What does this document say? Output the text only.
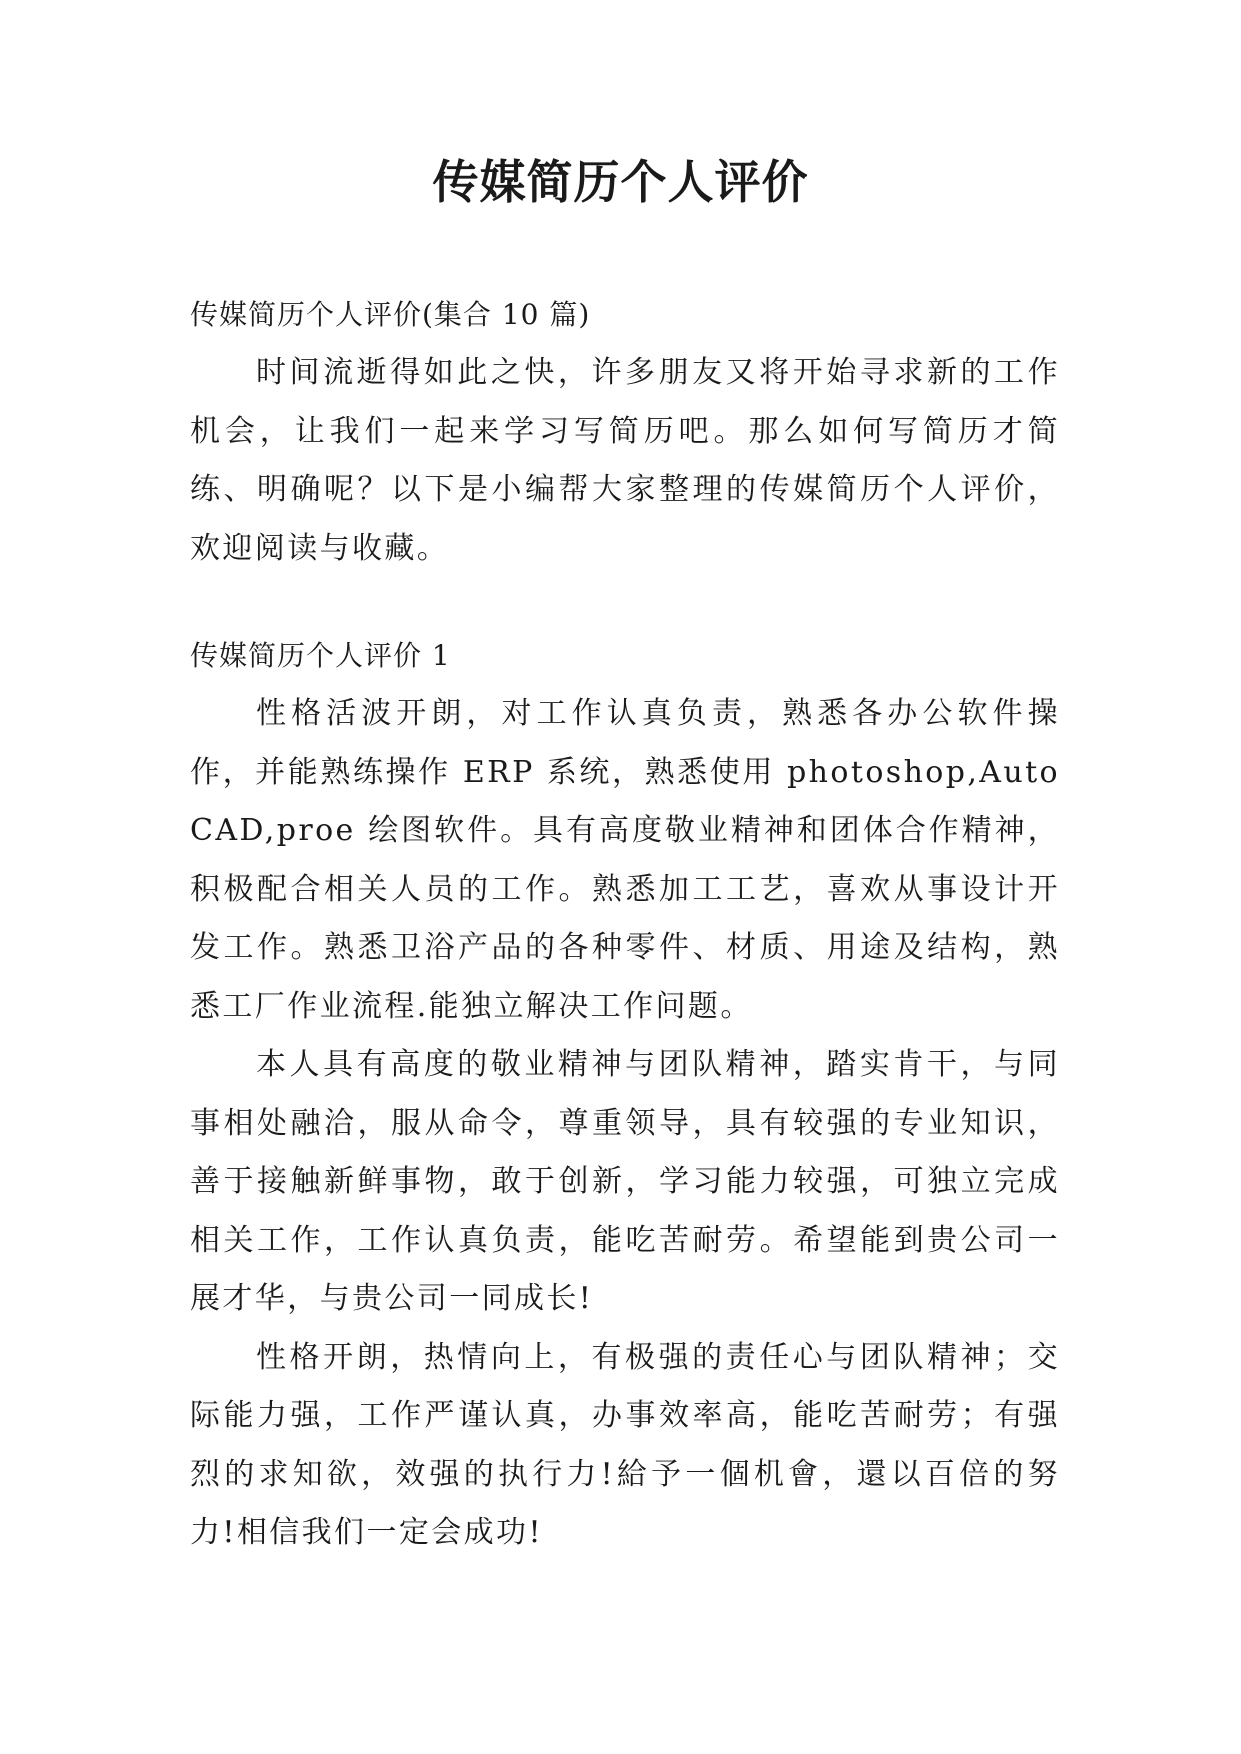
传媒简历个人评价

传媒简历个人评价(集合 10 篇)

时间流逝得如此之快，许多朋友又将开始寻求新的工作机会，让我们一起来学习写简历吧。那么如何写简历才简练、明确呢？以下是小编帮大家整理的传媒简历个人评价，欢迎阅读与收藏。

传媒简历个人评价 1

性格活波开朗，对工作认真负责，熟悉各办公软件操作，并能熟练操作 ERP 系统，熟悉使用 photoshop,AutoCAD,proe 绘图软件。具有高度敬业精神和团体合作精神，积极配合相关人员的工作。熟悉加工工艺，喜欢从事设计开发工作。熟悉卫浴产品的各种零件、材质、用途及结构，熟悉工厂作业流程.能独立解决工作问题。

本人具有高度的敬业精神与团队精神，踏实肯干，与同事相处融洽，服从命令，尊重领导，具有较强的专业知识，善于接触新鲜事物，敢于创新，学习能力较强，可独立完成相关工作，工作认真负责，能吃苦耐劳。希望能到贵公司一展才华，与贵公司一同成长!

性格开朗，热情向上，有极强的责任心与团队精神；交际能力强，工作严谨认真，办事效率高，能吃苦耐劳；有强烈的求知欲，效强的执行力!給予一個机會，還以百倍的努力!相信我们一定会成功!
